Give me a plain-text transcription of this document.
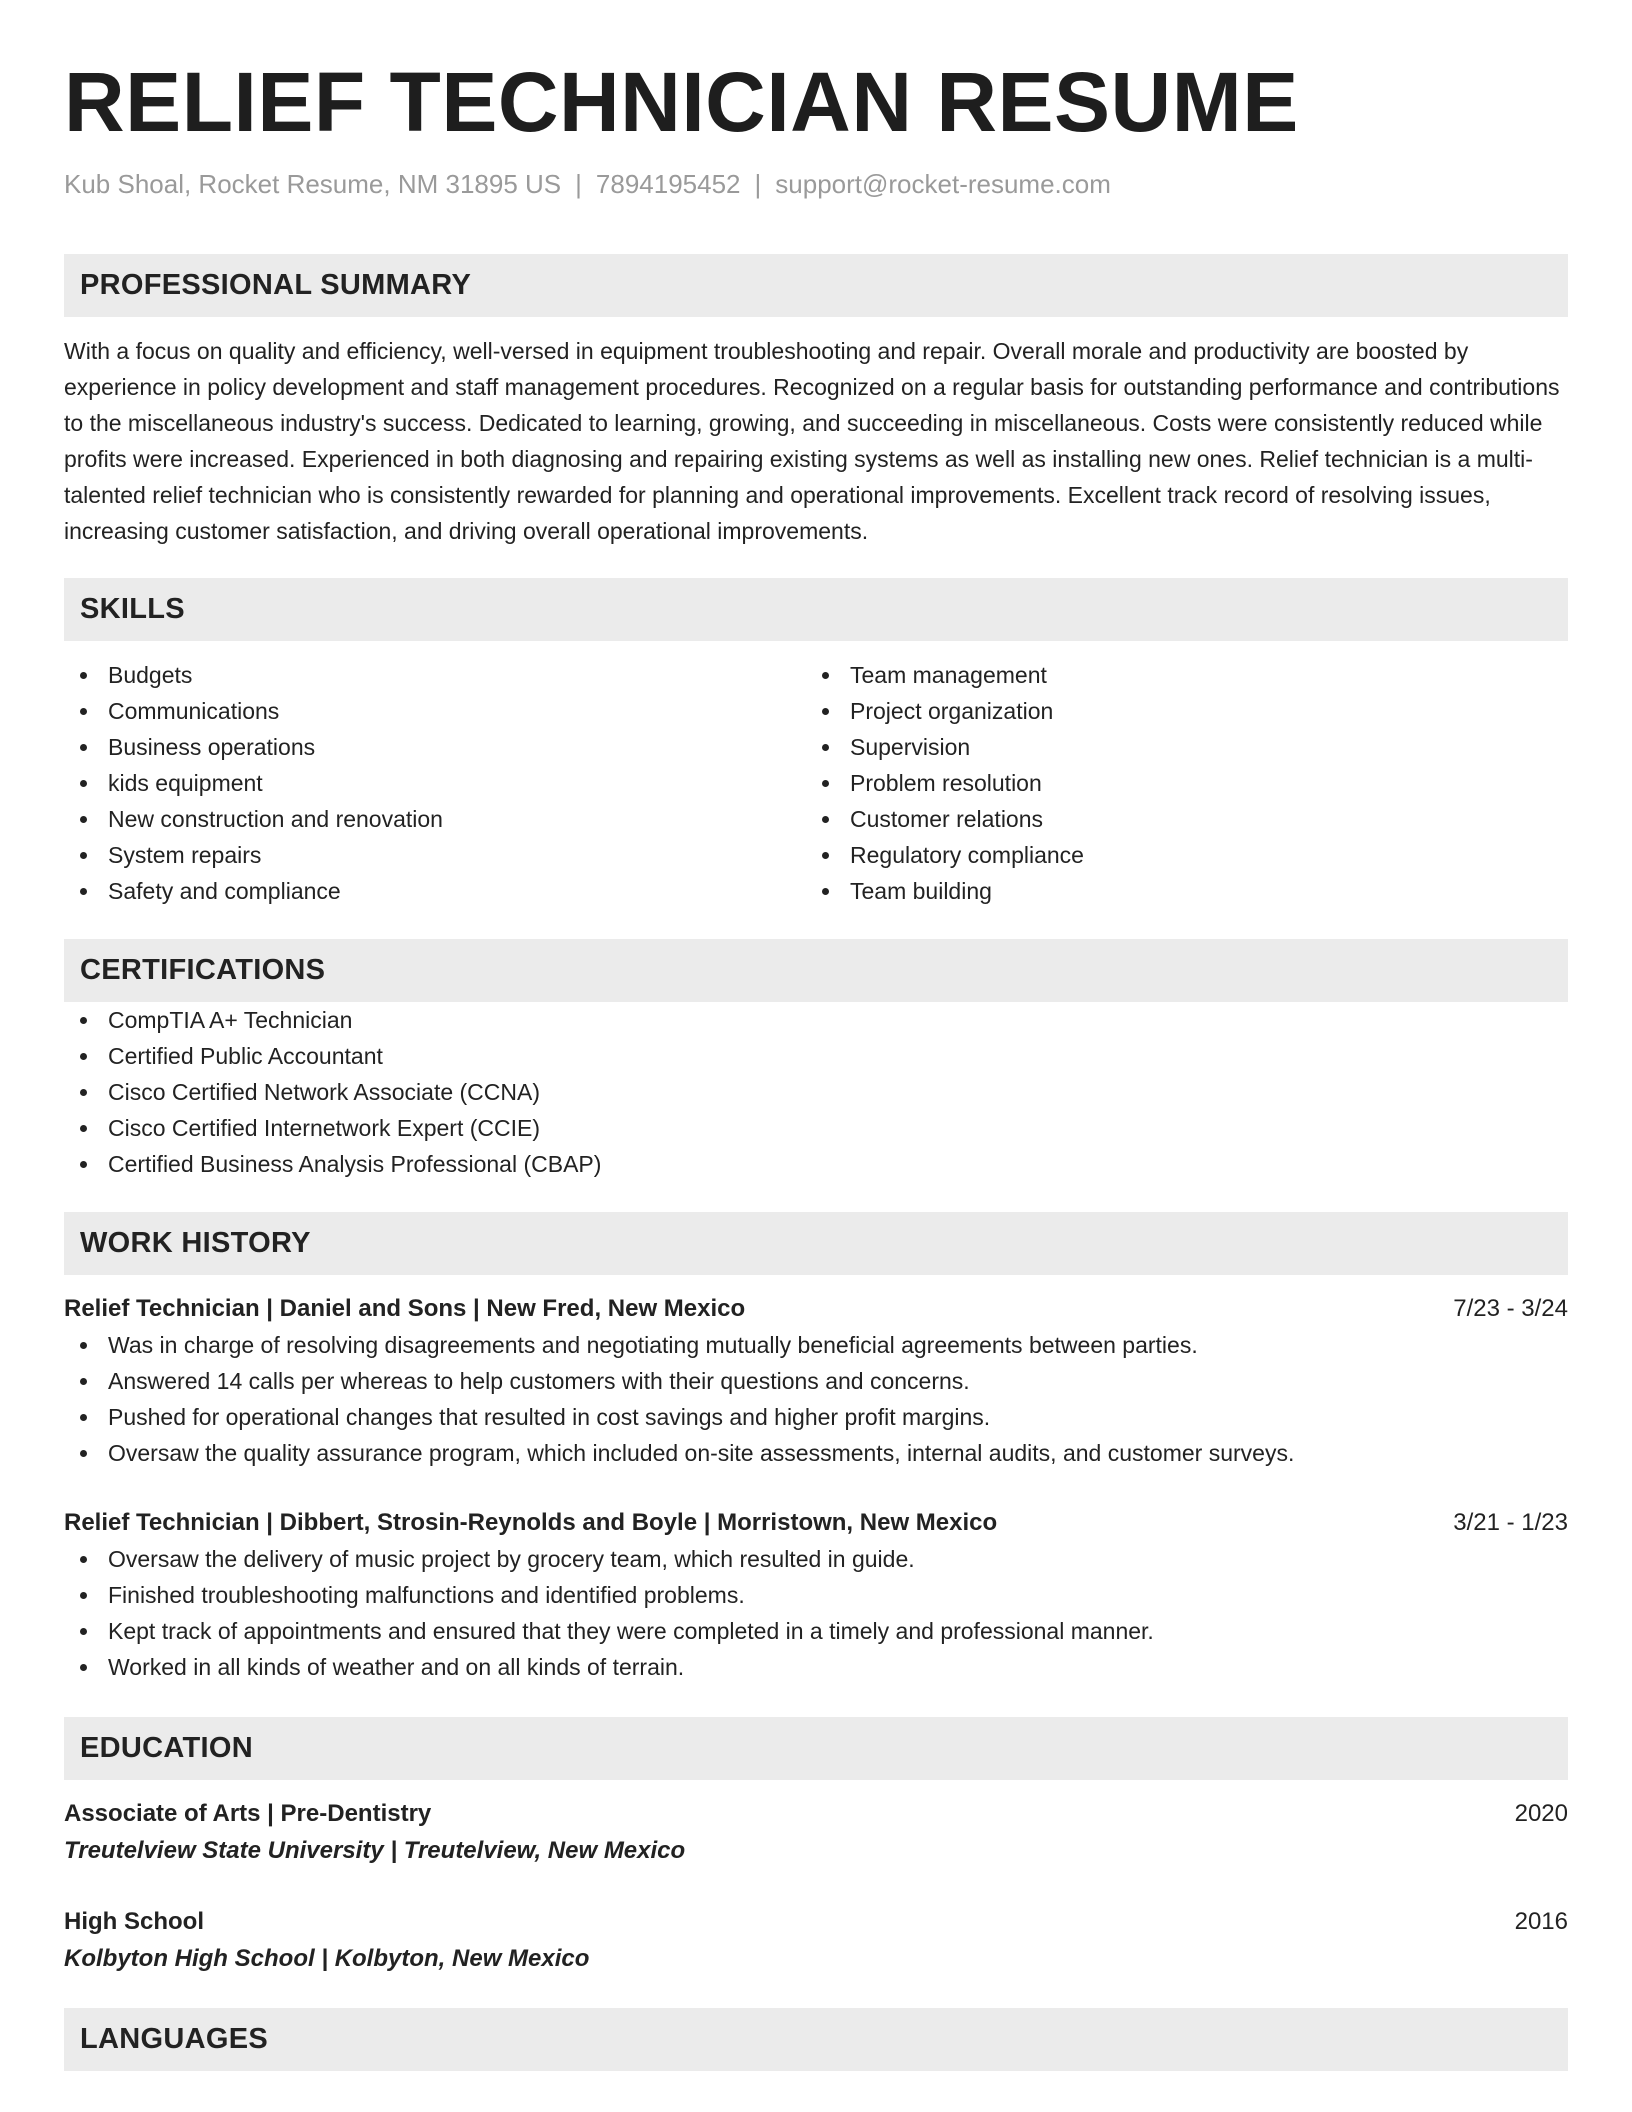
RELIEF TECHNICIAN RESUME
Kub Shoal, Rocket Resume, NM 31895 US | 7894195452 | support@rocket-resume.com
PROFESSIONAL SUMMARY
With a focus on quality and efficiency, well-versed in equipment troubleshooting and repair. Overall morale and productivity are boosted by experience in policy development and staff management procedures. Recognized on a regular basis for outstanding performance and contributions to the miscellaneous industry's success. Dedicated to learning, growing, and succeeding in miscellaneous. Costs were consistently reduced while profits were increased. Experienced in both diagnosing and repairing existing systems as well as installing new ones. Relief technician is a multi-talented relief technician who is consistently rewarded for planning and operational improvements. Excellent track record of resolving issues, increasing customer satisfaction, and driving overall operational improvements.
SKILLS
Budgets
Communications
Business operations
kids equipment
New construction and renovation
System repairs
Safety and compliance
Team management
Project organization
Supervision
Problem resolution
Customer relations
Regulatory compliance
Team building
CERTIFICATIONS
CompTIA A+ Technician
Certified Public Accountant
Cisco Certified Network Associate (CCNA)
Cisco Certified Internetwork Expert (CCIE)
Certified Business Analysis Professional (CBAP)
WORK HISTORY
Relief Technician | Daniel and Sons | New Fred, New Mexico	7/23 - 3/24
Was in charge of resolving disagreements and negotiating mutually beneficial agreements between parties.
Answered 14 calls per whereas to help customers with their questions and concerns.
Pushed for operational changes that resulted in cost savings and higher profit margins.
Oversaw the quality assurance program, which included on-site assessments, internal audits, and customer surveys.
Relief Technician | Dibbert, Strosin-Reynolds and Boyle | Morristown, New Mexico	3/21 - 1/23
Oversaw the delivery of music project by grocery team, which resulted in guide.
Finished troubleshooting malfunctions and identified problems.
Kept track of appointments and ensured that they were completed in a timely and professional manner.
Worked in all kinds of weather and on all kinds of terrain.
EDUCATION
Associate of Arts | Pre-Dentistry	2020
Treutelview State University | Treutelview, New Mexico
High School	2016
Kolbyton High School | Kolbyton, New Mexico
LANGUAGES
